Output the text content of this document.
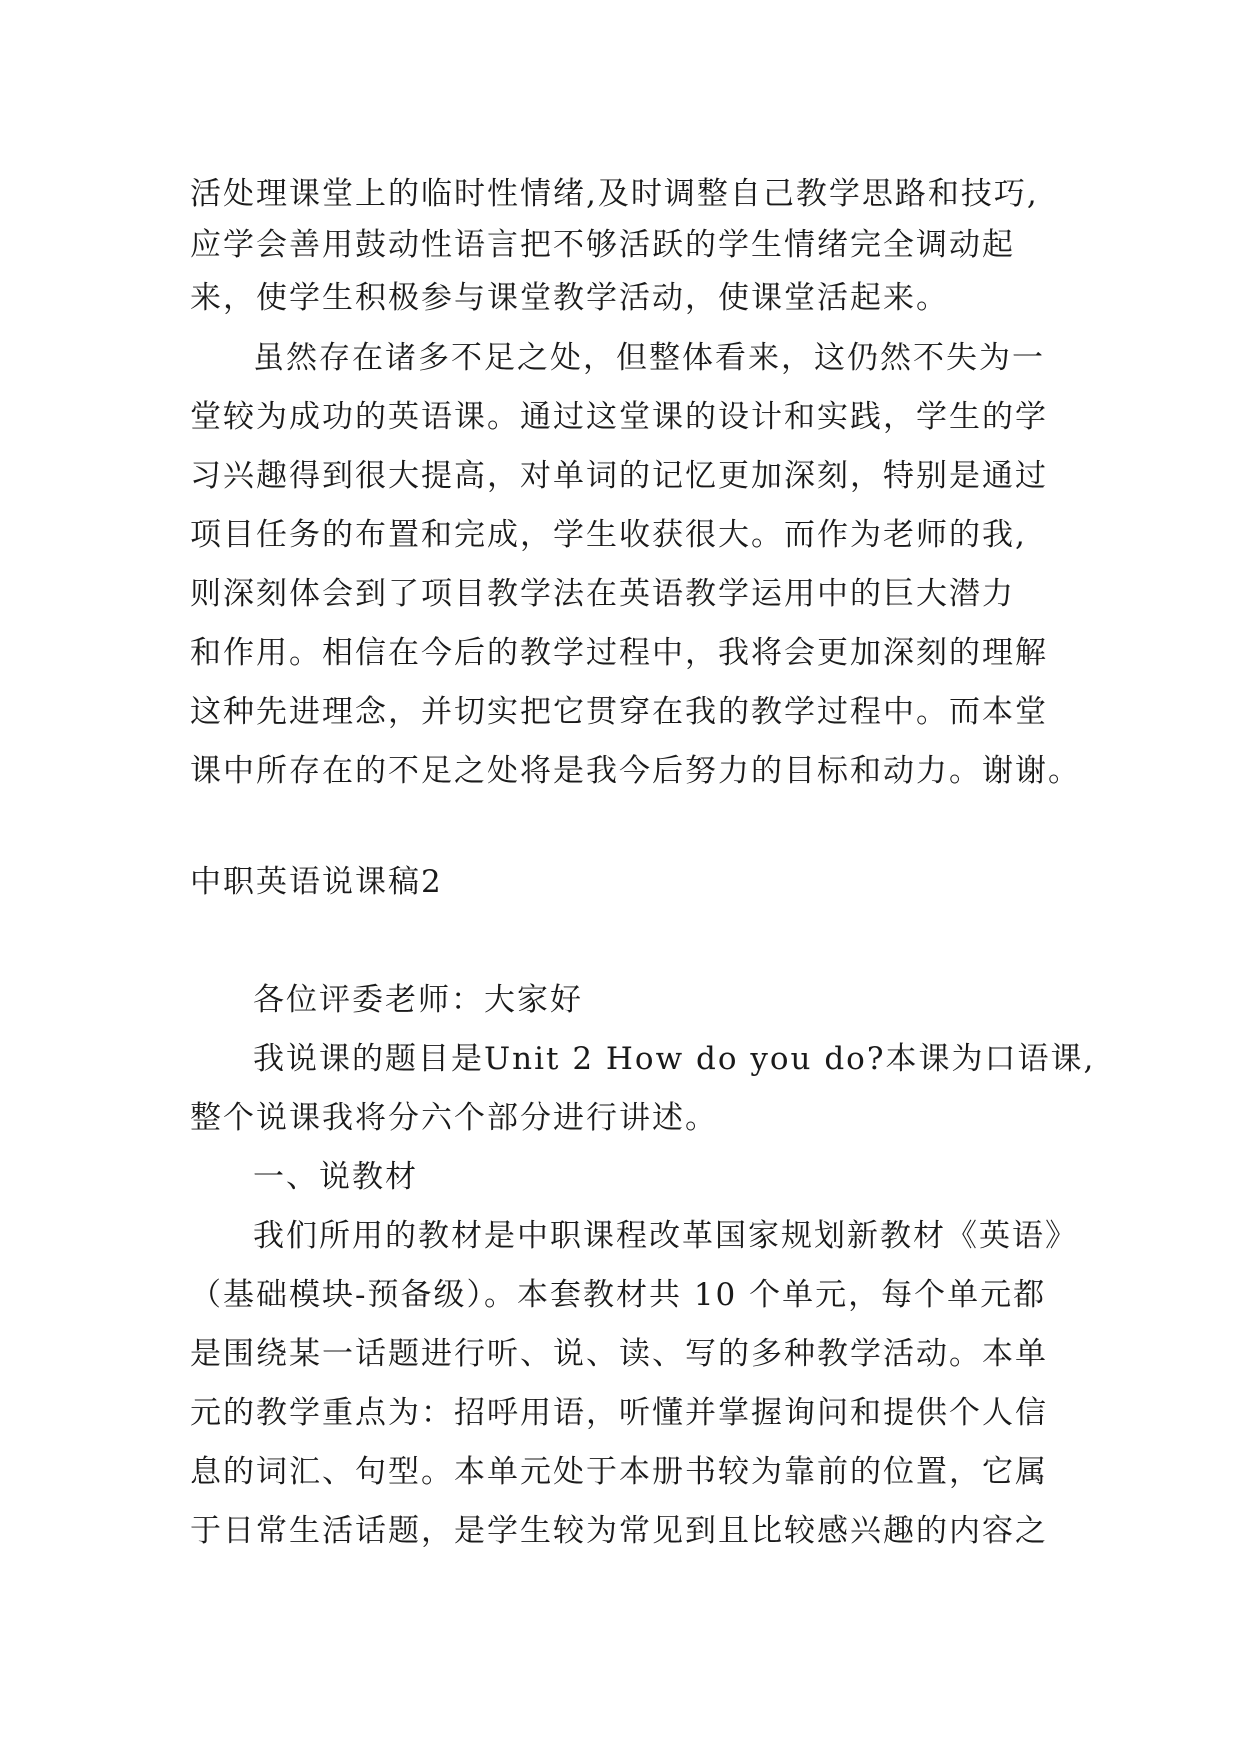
活处理课堂上的临时性情绪,及时调整自己教学思路和技巧,
应学会善用鼓动性语言把不够活跃的学生情绪完全调动起
来，使学生积极参与课堂教学活动，使课堂活起来。
虽然存在诸多不足之处，但整体看来，这仍然不失为一
堂较为成功的英语课。通过这堂课的设计和实践，学生的学
习兴趣得到很大提高，对单词的记忆更加深刻，特别是通过
项目任务的布置和完成，学生收获很大。而作为老师的我,
则深刻体会到了项目教学法在英语教学运用中的巨大潜力
和作用。相信在今后的教学过程中，我将会更加深刻的理解
这种先进理念，并切实把它贯穿在我的教学过程中。而本堂
课中所存在的不足之处将是我今后努力的目标和动力。谢谢。
中职英语说课稿2
各位评委老师：大家好
我说课的题目是Unit 2 How do you do?本课为口语课,
整个说课我将分六个部分进行讲述。
一、说教材
我们所用的教材是中职课程改革国家规划新教材《英语》
（基础模块-预备级）。本套教材共 10 个单元，每个单元都
是围绕某一话题进行听、说、读、写的多种教学活动。本单
元的教学重点为：招呼用语，听懂并掌握询问和提供个人信
息的词汇、句型。本单元处于本册书较为靠前的位置，它属
于日常生活话题，是学生较为常见到且比较感兴趣的内容之
